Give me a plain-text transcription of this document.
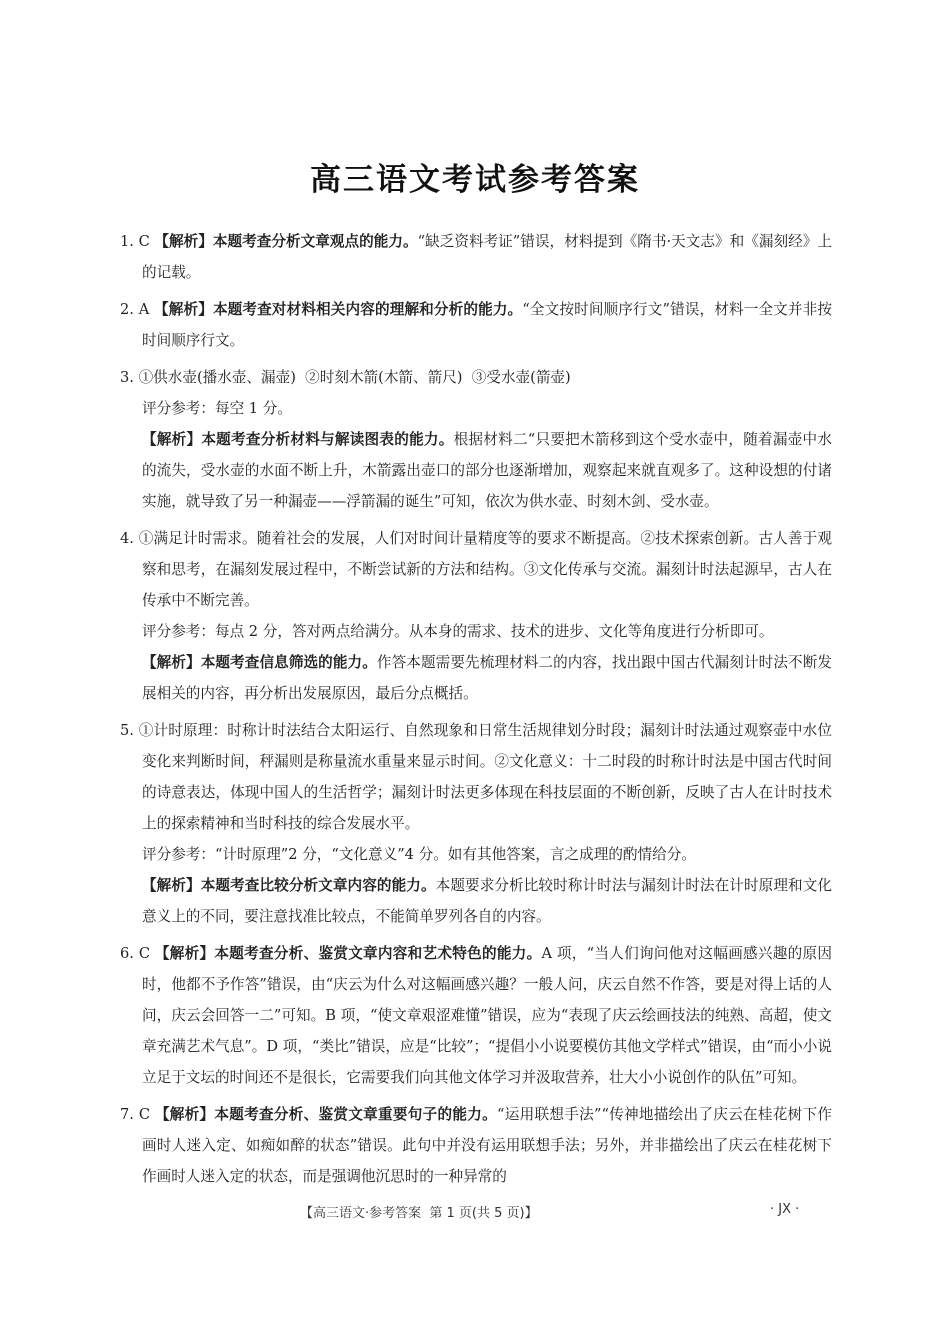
高三语文考试参考答案

1. C 【解析】本题考查分析文章观点的能力。“缺乏资料考证”错误，材料提到《隋书·天文志》和《漏刻经》上的记载。

2. A 【解析】本题考查对材料相关内容的理解和分析的能力。“全文按时间顺序行文”错误，材料一全文并非按时间顺序行文。

3. ①供水壶(播水壶、漏壶)  ②时刻木箭(木箭、箭尺)  ③受水壶(箭壶)

评分参考：每空 1 分。

【解析】本题考查分析材料与解读图表的能力。根据材料二“只要把木箭移到这个受水壶中，随着漏壶中水的流失，受水壶的水面不断上升，木箭露出壶口的部分也逐渐增加，观察起来就直观多了。这种设想的付诸实施，就导致了另一种漏壶——浮箭漏的诞生”可知，依次为供水壶、时刻木剑、受水壶。

4. ①满足计时需求。随着社会的发展，人们对时间计量精度等的要求不断提高。②技术探索创新。古人善于观察和思考，在漏刻发展过程中，不断尝试新的方法和结构。③文化传承与交流。漏刻计时法起源早，古人在传承中不断完善。

评分参考：每点 2 分，答对两点给满分。从本身的需求、技术的进步、文化等角度进行分析即可。

【解析】本题考查信息筛选的能力。作答本题需要先梳理材料二的内容，找出跟中国古代漏刻计时法不断发展相关的内容，再分析出发展原因，最后分点概括。

5. ①计时原理：时称计时法结合太阳运行、自然现象和日常生活规律划分时段；漏刻计时法通过观察壶中水位变化来判断时间，秤漏则是称量流水重量来显示时间。②文化意义：十二时段的时称计时法是中国古代时间的诗意表达，体现中国人的生活哲学；漏刻计时法更多体现在科技层面的不断创新，反映了古人在计时技术上的探索精神和当时科技的综合发展水平。

评分参考：“计时原理”2 分，“文化意义”4 分。如有其他答案，言之成理的酌情给分。

【解析】本题考查比较分析文章内容的能力。本题要求分析比较时称计时法与漏刻计时法在计时原理和文化意义上的不同，要注意找准比较点，不能简单罗列各自的内容。

6. C 【解析】本题考查分析、鉴赏文章内容和艺术特色的能力。A 项，“当人们询问他对这幅画感兴趣的原因时，他都不予作答”错误，由“庆云为什么对这幅画感兴趣？一般人问，庆云自然不作答，要是对得上话的人问，庆云会回答一二”可知。B 项，“使文章艰涩难懂”错误，应为“表现了庆云绘画技法的纯熟、高超，使文章充满艺术气息”。D 项，“类比”错误，应是“比较”；“提倡小小说要模仿其他文学样式”错误，由“而小小说立足于文坛的时间还不是很长，它需要我们向其他文体学习并汲取营养，壮大小小说创作的队伍”可知。

7. C 【解析】本题考查分析、鉴赏文章重要句子的能力。“运用联想手法”“传神地描绘出了庆云在桂花树下作画时人迷入定、如痴如醉的状态”错误。此句中并没有运用联想手法；另外，并非描绘出了庆云在桂花树下作画时人迷入定的状态，而是强调他沉思时的一种异常的

【高三语文·参考答案  第 1 页(共 5 页)】	· JX ·
